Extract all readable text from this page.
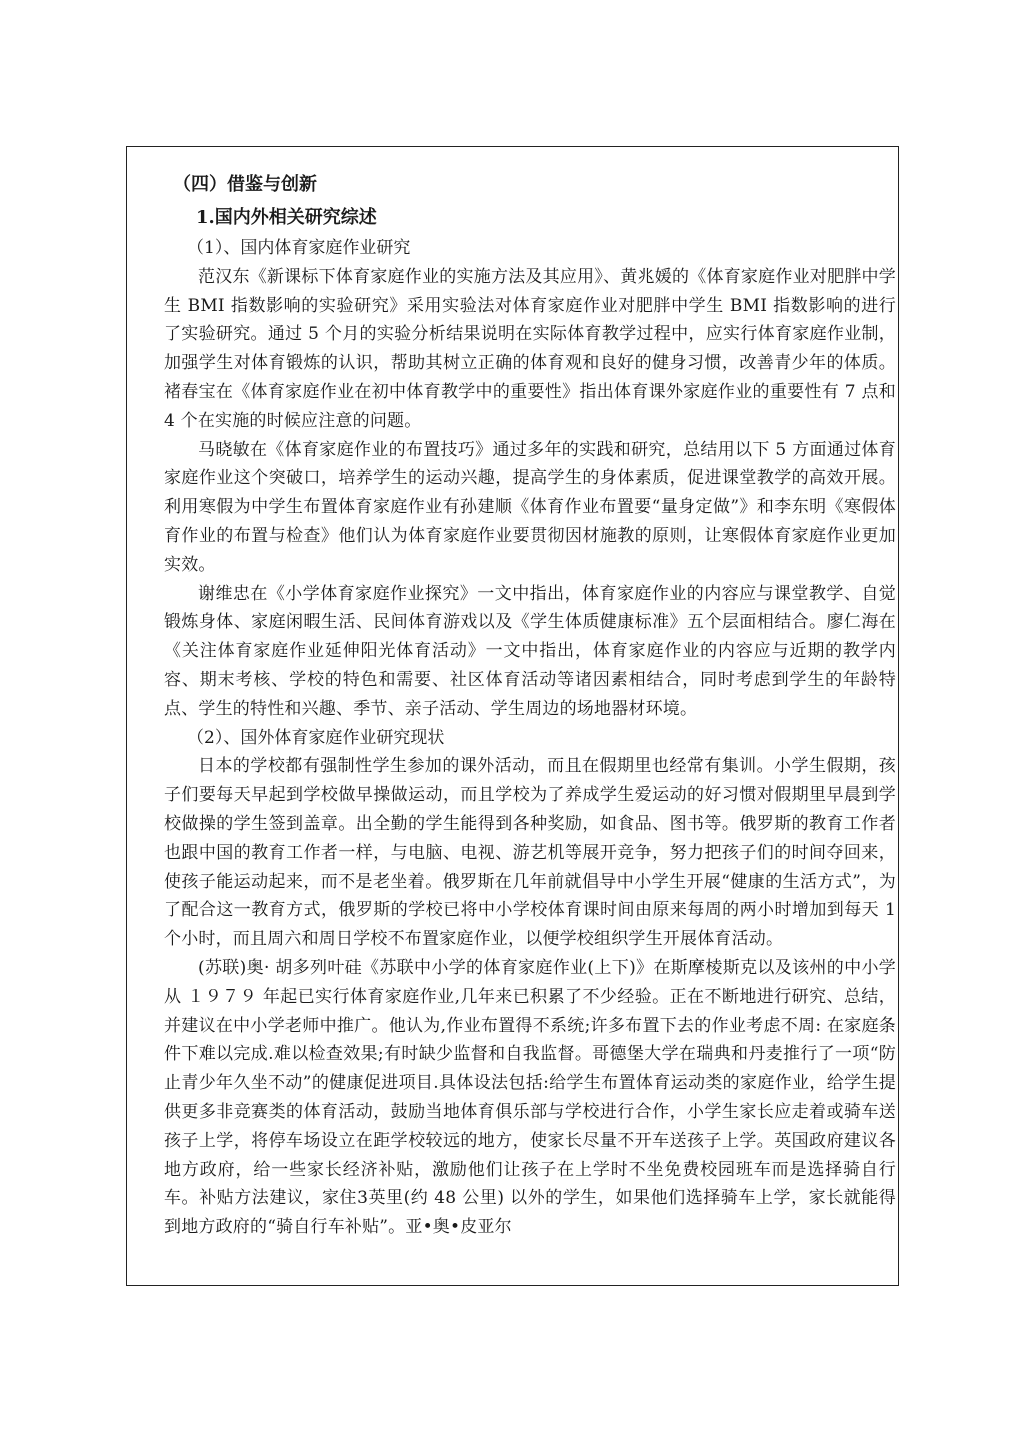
（四）借鉴与创新
1.国内外相关研究综述
（1）、国内体育家庭作业研究

范汉东《新课标下体育家庭作业的实施方法及其应用》、黄兆媛的《体育家庭作业对肥胖中学生 BMI 指数影响的实验研究》采用实验法对体育家庭作业对肥胖中学生 BMI 指数影响的进行了实验研究。通过 5 个月的实验分析结果说明在实际体育教学过程中，应实行体育家庭作业制，加强学生对体育锻炼的认识，帮助其树立正确的体育观和良好的健身习惯，改善青少年的体质。褚春宝在《体育家庭作业在初中体育教学中的重要性》指出体育课外家庭作业的重要性有 7 点和 4 个在实施的时候应注意的问题。

马晓敏在《体育家庭作业的布置技巧》通过多年的实践和研究，总结用以下 5 方面通过体育家庭作业这个突破口，培养学生的运动兴趣，提高学生的身体素质，促进课堂教学的高效开展。利用寒假为中学生布置体育家庭作业有孙建顺《体育作业布置要“量身定做”》和李东明《寒假体育作业的布置与检查》他们认为体育家庭作业要贯彻因材施教的原则，让寒假体育家庭作业更加实效。

谢维忠在《小学体育家庭作业探究》一文中指出，体育家庭作业的内容应与课堂教学、自觉锻炼身体、家庭闲暇生活、民间体育游戏以及《学生体质健康标准》五个层面相结合。廖仁海在《关注体育家庭作业延伸阳光体育活动》一文中指出，体育家庭作业的内容应与近期的教学内容、期末考核、学校的特色和需要、社区体育活动等诸因素相结合，同时考虑到学生的年龄特点、学生的特性和兴趣、季节、亲子活动、学生周边的场地器材环境。

（2）、国外体育家庭作业研究现状

日本的学校都有强制性学生参加的课外活动，而且在假期里也经常有集训。小学生假期，孩子们要每天早起到学校做早操做运动，而且学校为了养成学生爱运动的好习惯对假期里早晨到学校做操的学生签到盖章。出全勤的学生能得到各种奖励，如食品、图书等。俄罗斯的教育工作者也跟中国的教育工作者一样，与电脑、电视、游艺机等展开竞争，努力把孩子们的时间夺回来，使孩子能运动起来，而不是老坐着。俄罗斯在几年前就倡导中小学生开展“健康的生活方式”，为了配合这一教育方式，俄罗斯的学校已将中小学校体育课时间由原来每周的两小时增加到每天 1 个小时，而且周六和周日学校不布置家庭作业，以便学校组织学生开展体育活动。

(苏联)奥· 胡多列叶硅《苏联中小学的体育家庭作业(上下)》在斯摩棱斯克以及该州的中小学从 １９７９ 年起已实行体育家庭作业,几年来已积累了不少经验。正在不断地进行研究、总结，并建议在中小学老师中推广。他认为,作业布置得不系统;许多布置下去的作业考虑不周: 在家庭条件下难以完成.难以检查效果;有时缺少监督和自我监督。哥德堡大学在瑞典和丹麦推行了一项“防止青少年久坐不动”的健康促进项目.具体设法包括:给学生布置体育运动类的家庭作业，给学生提供更多非竞赛类的体育活动，鼓励当地体育俱乐部与学校进行合作，小学生家长应走着或骑车送孩子上学，将停车场设立在距学校较远的地方，使家长尽量不开车送孩子上学。英国政府建议各地方政府，给一些家长经济补贴，激励他们让孩子在上学时不坐免费校园班车而是选择骑自行车。补贴方法建议，家住3英里(约 48 公里) 以外的学生，如果他们选择骑车上学，家长就能得到地方政府的“骑自行车补贴”。亚•奥•皮亚尔
